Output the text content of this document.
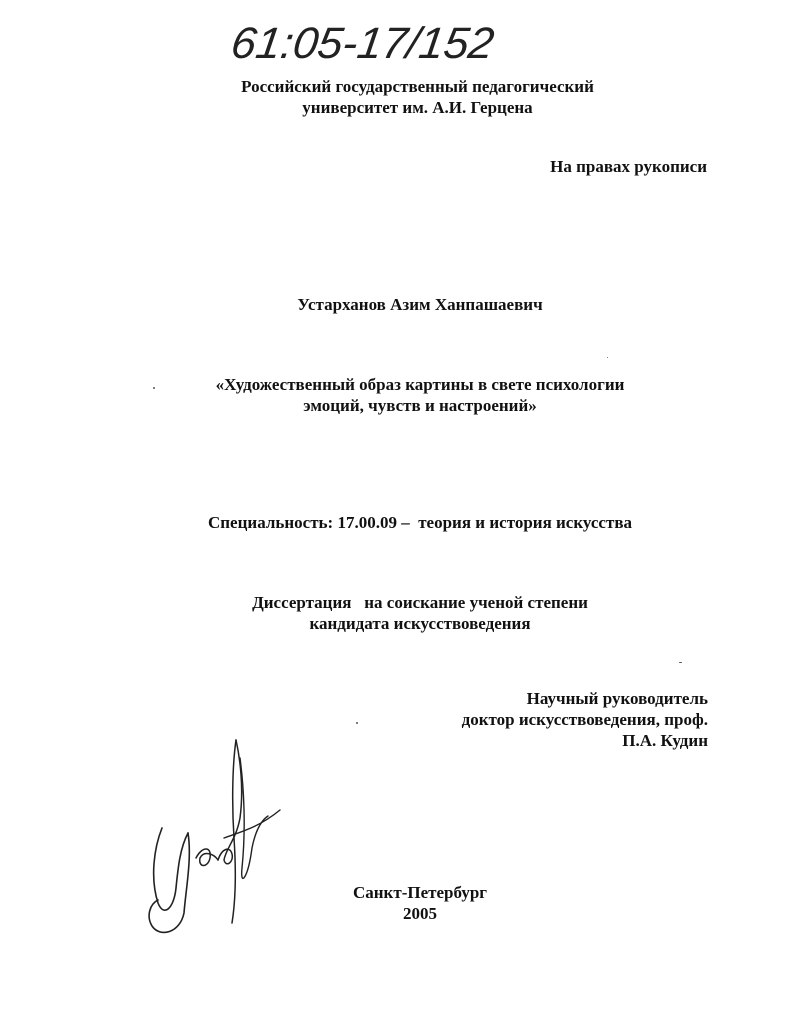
61:05-17/152
Российский государственный педагогический
университет им. А.И. Герцена
На правах рукописи
Устарханов Азим Ханпашаевич
«Художественный образ картины в свете психологии
эмоций, чувств и настроений»
Специальность: 17.00.09 –  теория и история искусства
Диссертация   на соискание ученой степени
кандидата искусствоведения
Научный руководитель
доктор искусствоведения, проф.
П.А. Кудин
Санкт-Петербург
2005
